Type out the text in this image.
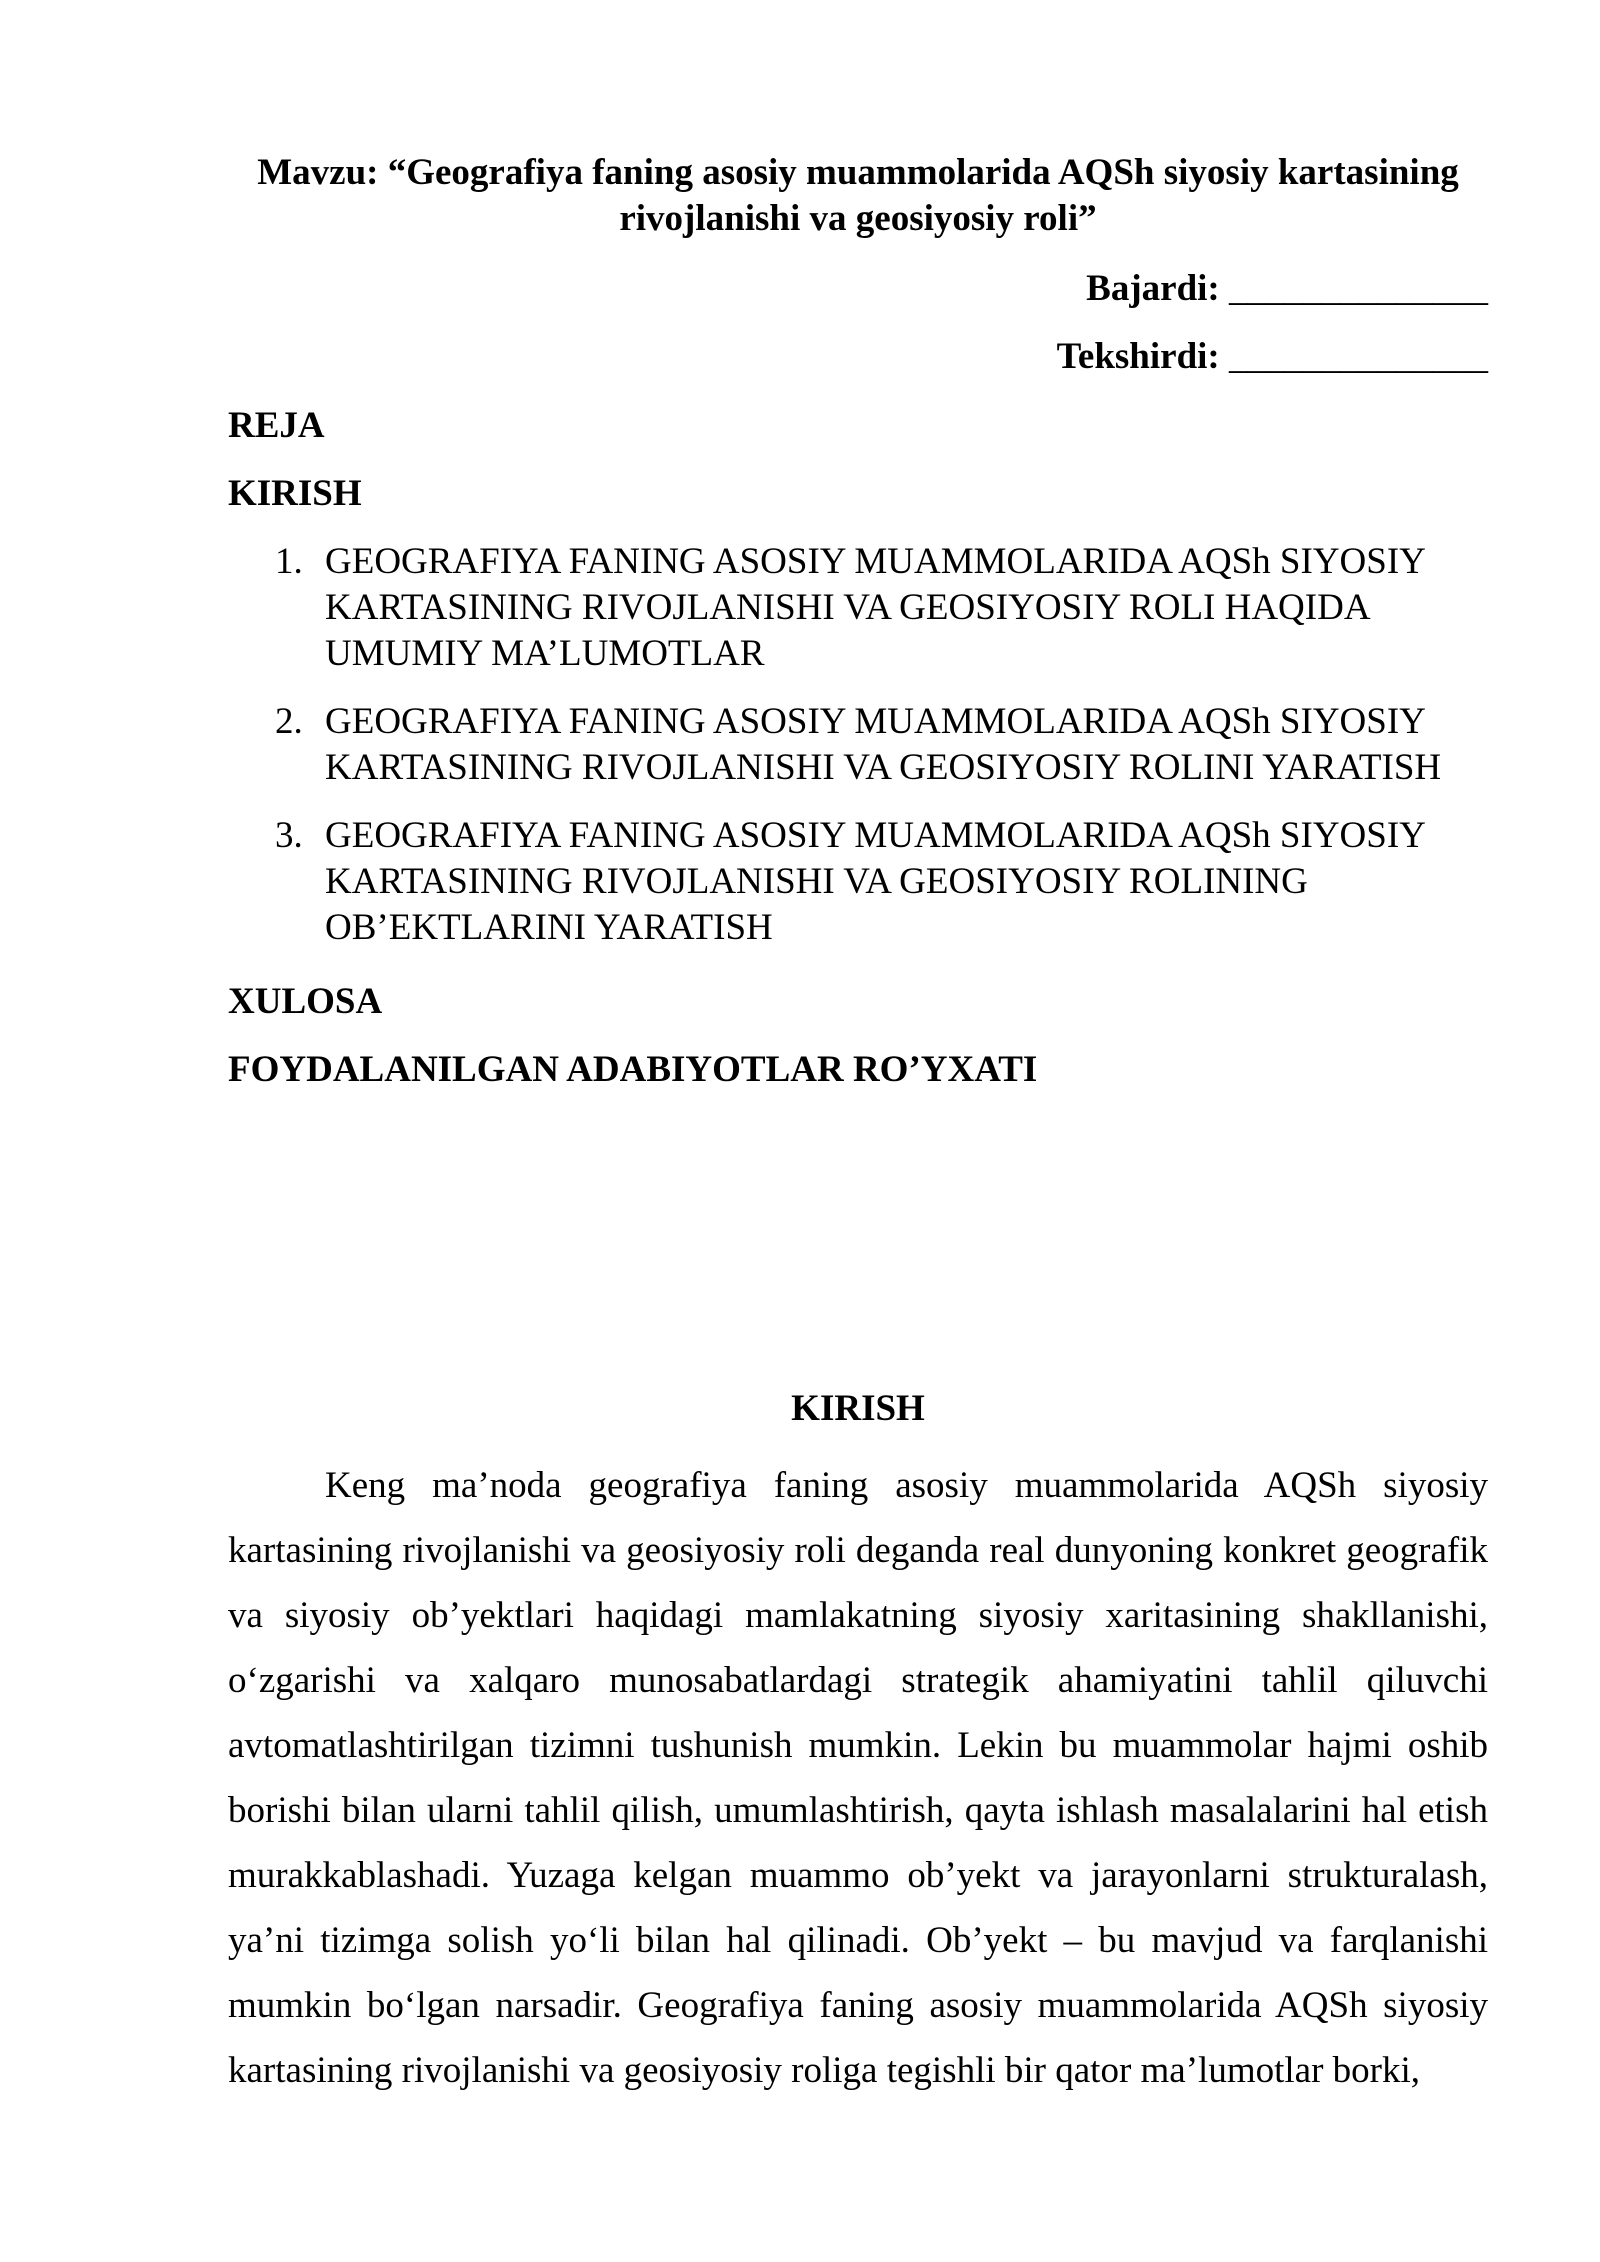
Mavzu: “Geografiya faning asosiy muammolarida AQSh siyosiy kartasining rivojlanishi va geosiyosiy roli”
Bajardi: ______________
Tekshirdi: ______________
REJA
KIRISH
1. GEOGRAFIYA FANING ASOSIY MUAMMOLARIDA AQSh SIYOSIY KARTASINING RIVOJLANISHI VA GEOSIYOSIY ROLI HAQIDA UMUMIY MA’LUMOTLAR
2. GEOGRAFIYA FANING ASOSIY MUAMMOLARIDA AQSh SIYOSIY KARTASINING RIVOJLANISHI VA GEOSIYOSIY ROLINI YARATISH
3. GEOGRAFIYA FANING ASOSIY MUAMMOLARIDA AQSh SIYOSIY KARTASINING RIVOJLANISHI VA GEOSIYOSIY ROLINING OB’EKTLARINI YARATISH
XULOSA
FOYDALANILGAN ADABIYOTLAR RO’YXATI
KIRISH

Keng ma’noda geografiya faning asosiy muammolarida AQSh siyosiy kartasining rivojlanishi va geosiyosiy roli deganda real dunyoning konkret geografik va siyosiy ob’yektlari haqidagi mamlakatning siyosiy xaritasining shakllanishi, o‘zgarishi va xalqaro munosabatlardagi strategik ahamiyatini tahlil qiluvchi avtomatlashtirilgan tizimni tushunish mumkin. Lekin bu muammolar hajmi oshib borishi bilan ularni tahlil qilish, umumlashtirish, qayta ishlash masalalarini hal etish murakkablashadi. Yuzaga kelgan muammo ob’yekt va jarayonlarni strukturalash, ya’ni tizimga solish yo‘li bilan hal qilinadi. Ob’yekt – bu mavjud va farqlanishi mumkin bo‘lgan narsadir. Geografiya faning asosiy muammolarida AQSh siyosiy kartasining rivojlanishi va geosiyosiy roliga tegishli bir qator ma’lumotlar borki,
